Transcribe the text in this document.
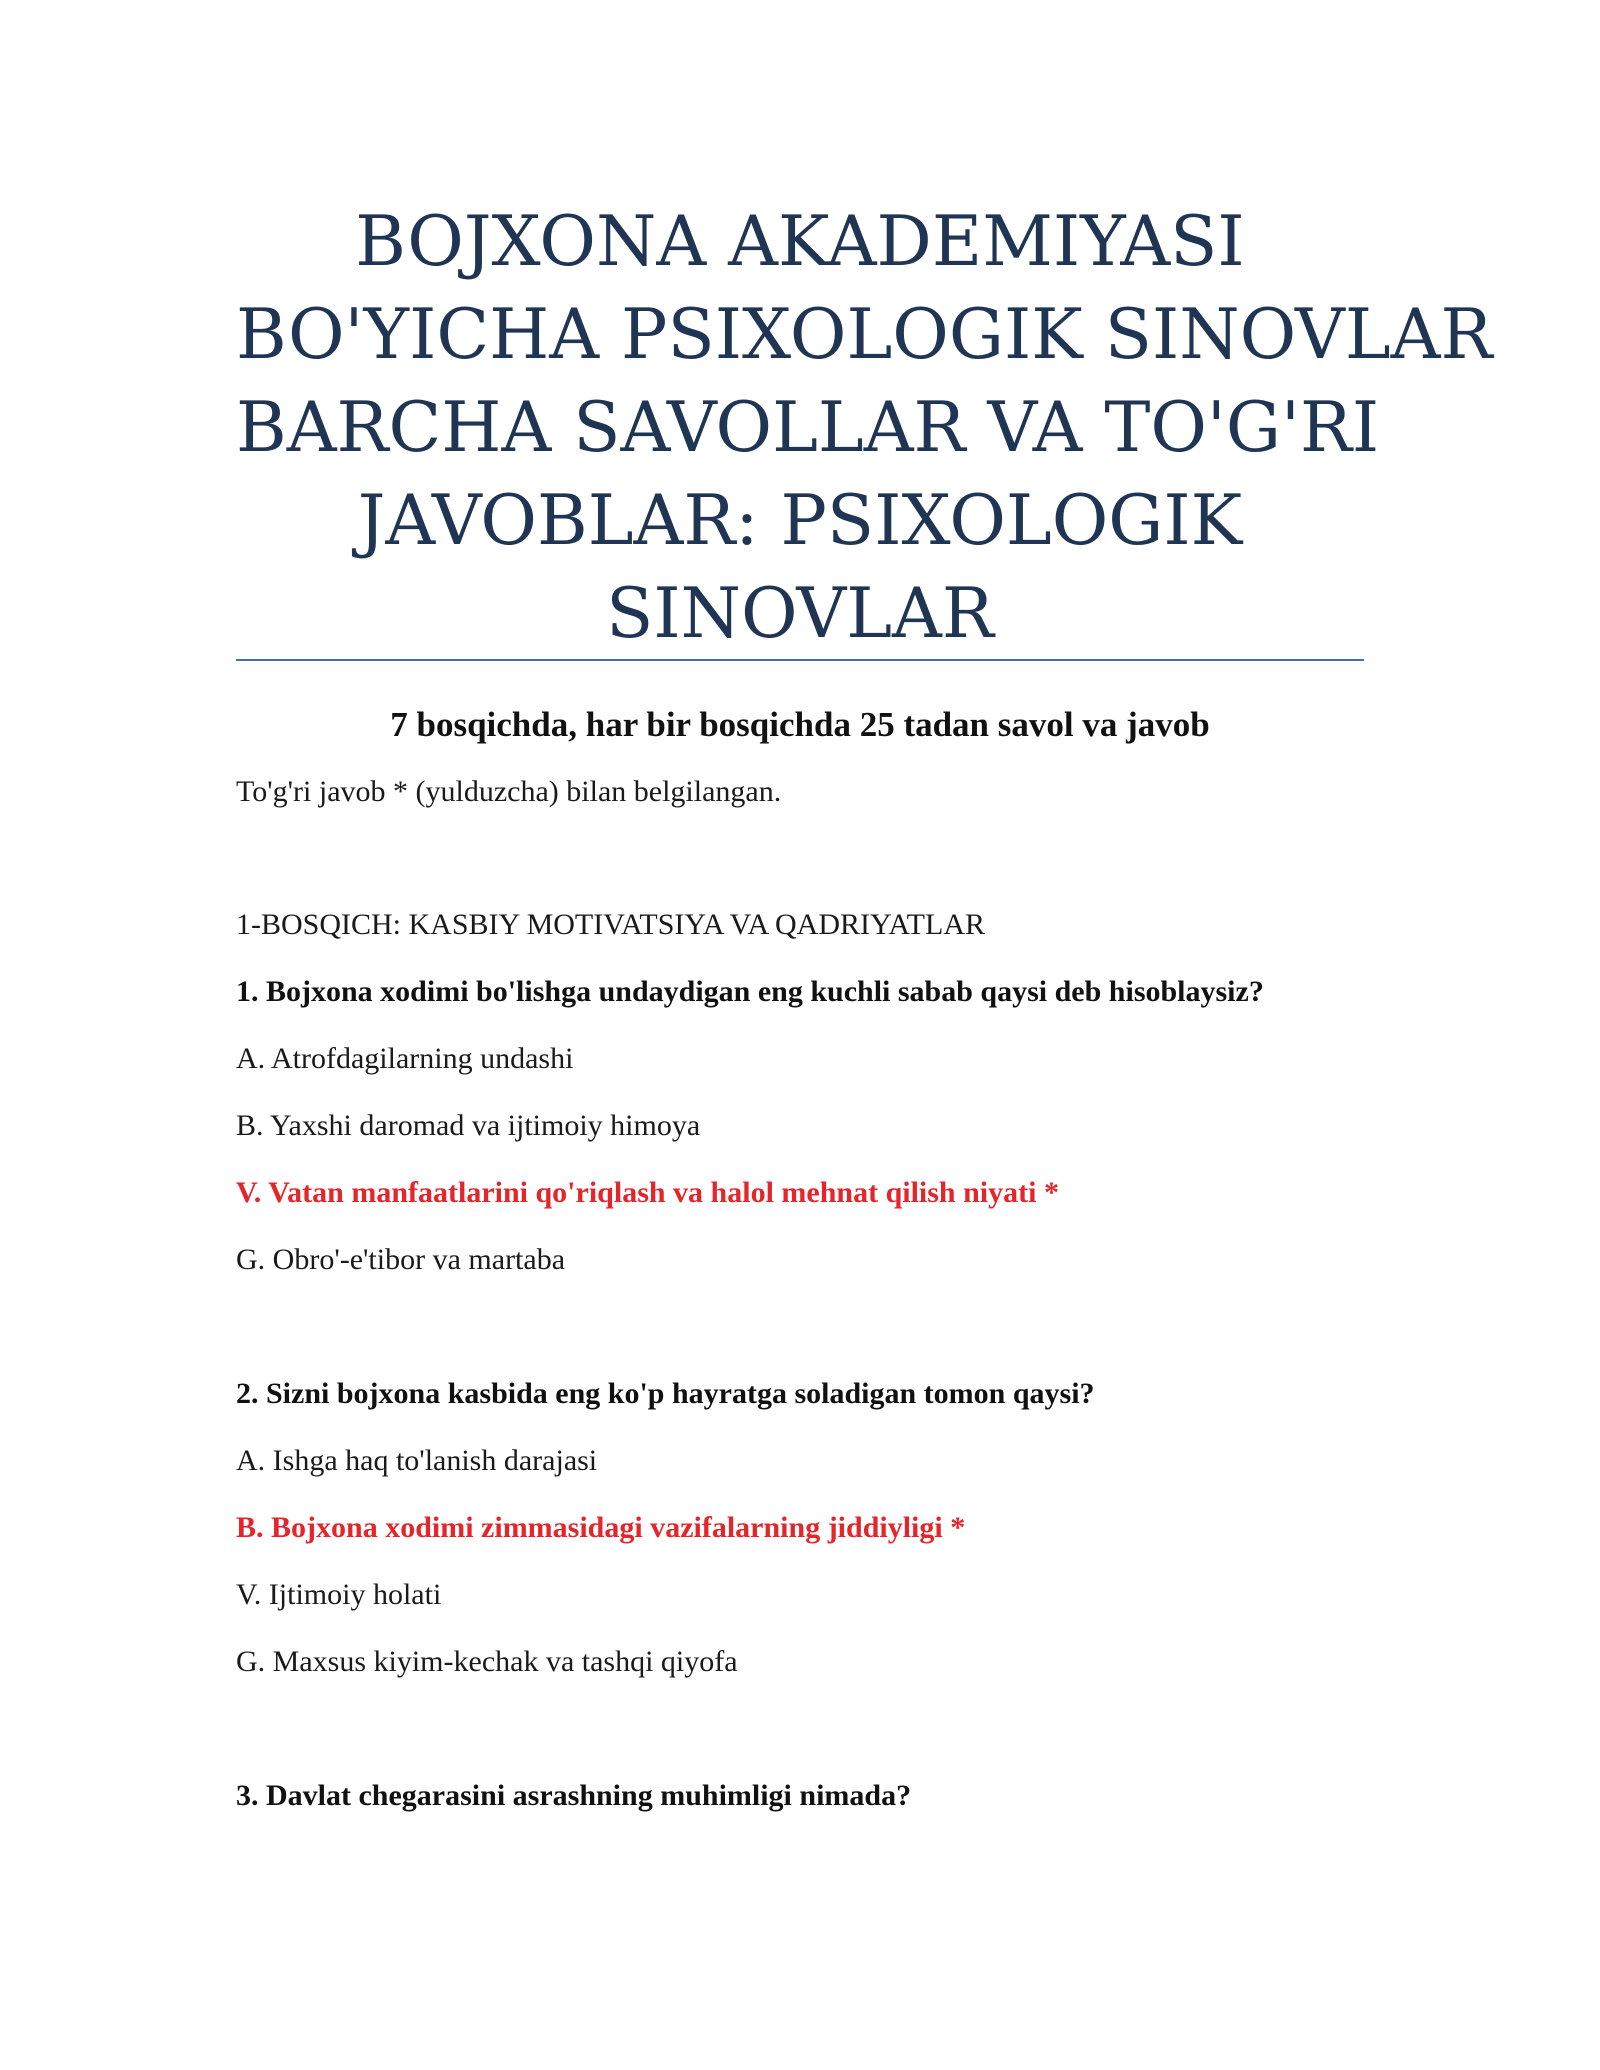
BOJXONA AKADEMIYASI
BO'YICHA PSIXOLOGIK SINOVLAR
BARCHA SAVOLLAR VA TO'G'RI
JAVOBLAR: PSIXOLOGIK
SINOVLAR
7 bosqichda, har bir bosqichda 25 tadan savol va javob
To'g'ri javob * (yulduzcha) bilan belgilangan.
1-BOSQICH: KASBIY MOTIVATSIYA VA QADRIYATLAR
1. Bojxona xodimi bo'lishga undaydigan eng kuchli sabab qaysi deb hisoblaysiz?
A. Atrofdagilarning undashi
B. Yaxshi daromad va ijtimoiy himoya
V. Vatan manfaatlarini qo'riqlash va halol mehnat qilish niyati *
G. Obro'-e'tibor va martaba
2. Sizni bojxona kasbida eng ko'p hayratga soladigan tomon qaysi?
A. Ishga haq to'lanish darajasi
B. Bojxona xodimi zimmasidagi vazifalarning jiddiyligi *
V. Ijtimoiy holati
G. Maxsus kiyim-kechak va tashqi qiyofa
3. Davlat chegarasini asrashning muhimligi nimada?
